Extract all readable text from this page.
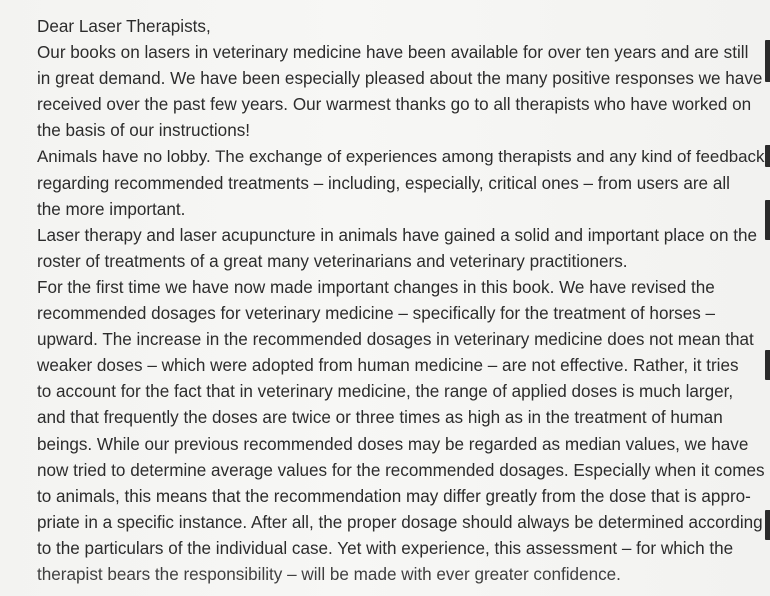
Dear Laser Therapists,
Our books on lasers in veterinary medicine have been available for over ten years and are still
in great demand. We have been especially pleased about the many positive responses we have
received over the past few years. Our warmest thanks go to all therapists who have worked on
the basis of our instructions!
Animals have no lobby. The exchange of experiences among therapists and any kind of feedback
regarding recommended treatments – including, especially, critical ones – from users are all
the more important.
Laser therapy and laser acupuncture in animals have gained a solid and important place on the
roster of treatments of a great many veterinarians and veterinary practitioners.
For the first time we have now made important changes in this book. We have revised the
recommended dosages for veterinary medicine – specifically for the treatment of horses –
upward. The increase in the recommended dosages in veterinary medicine does not mean that
weaker doses – which were adopted from human medicine – are not effective. Rather, it tries
to account for the fact that in veterinary medicine, the range of applied doses is much larger,
and that frequently the doses are twice or three times as high as in the treatment of human
beings. While our previous recommended doses may be regarded as median values, we have
now tried to determine average values for the recommended dosages. Especially when it comes
to animals, this means that the recommendation may differ greatly from the dose that is appro-
priate in a specific instance. After all, the proper dosage should always be determined according
to the particulars of the individual case. Yet with experience, this assessment – for which the
therapist bears the responsibility – will be made with ever greater confidence.
